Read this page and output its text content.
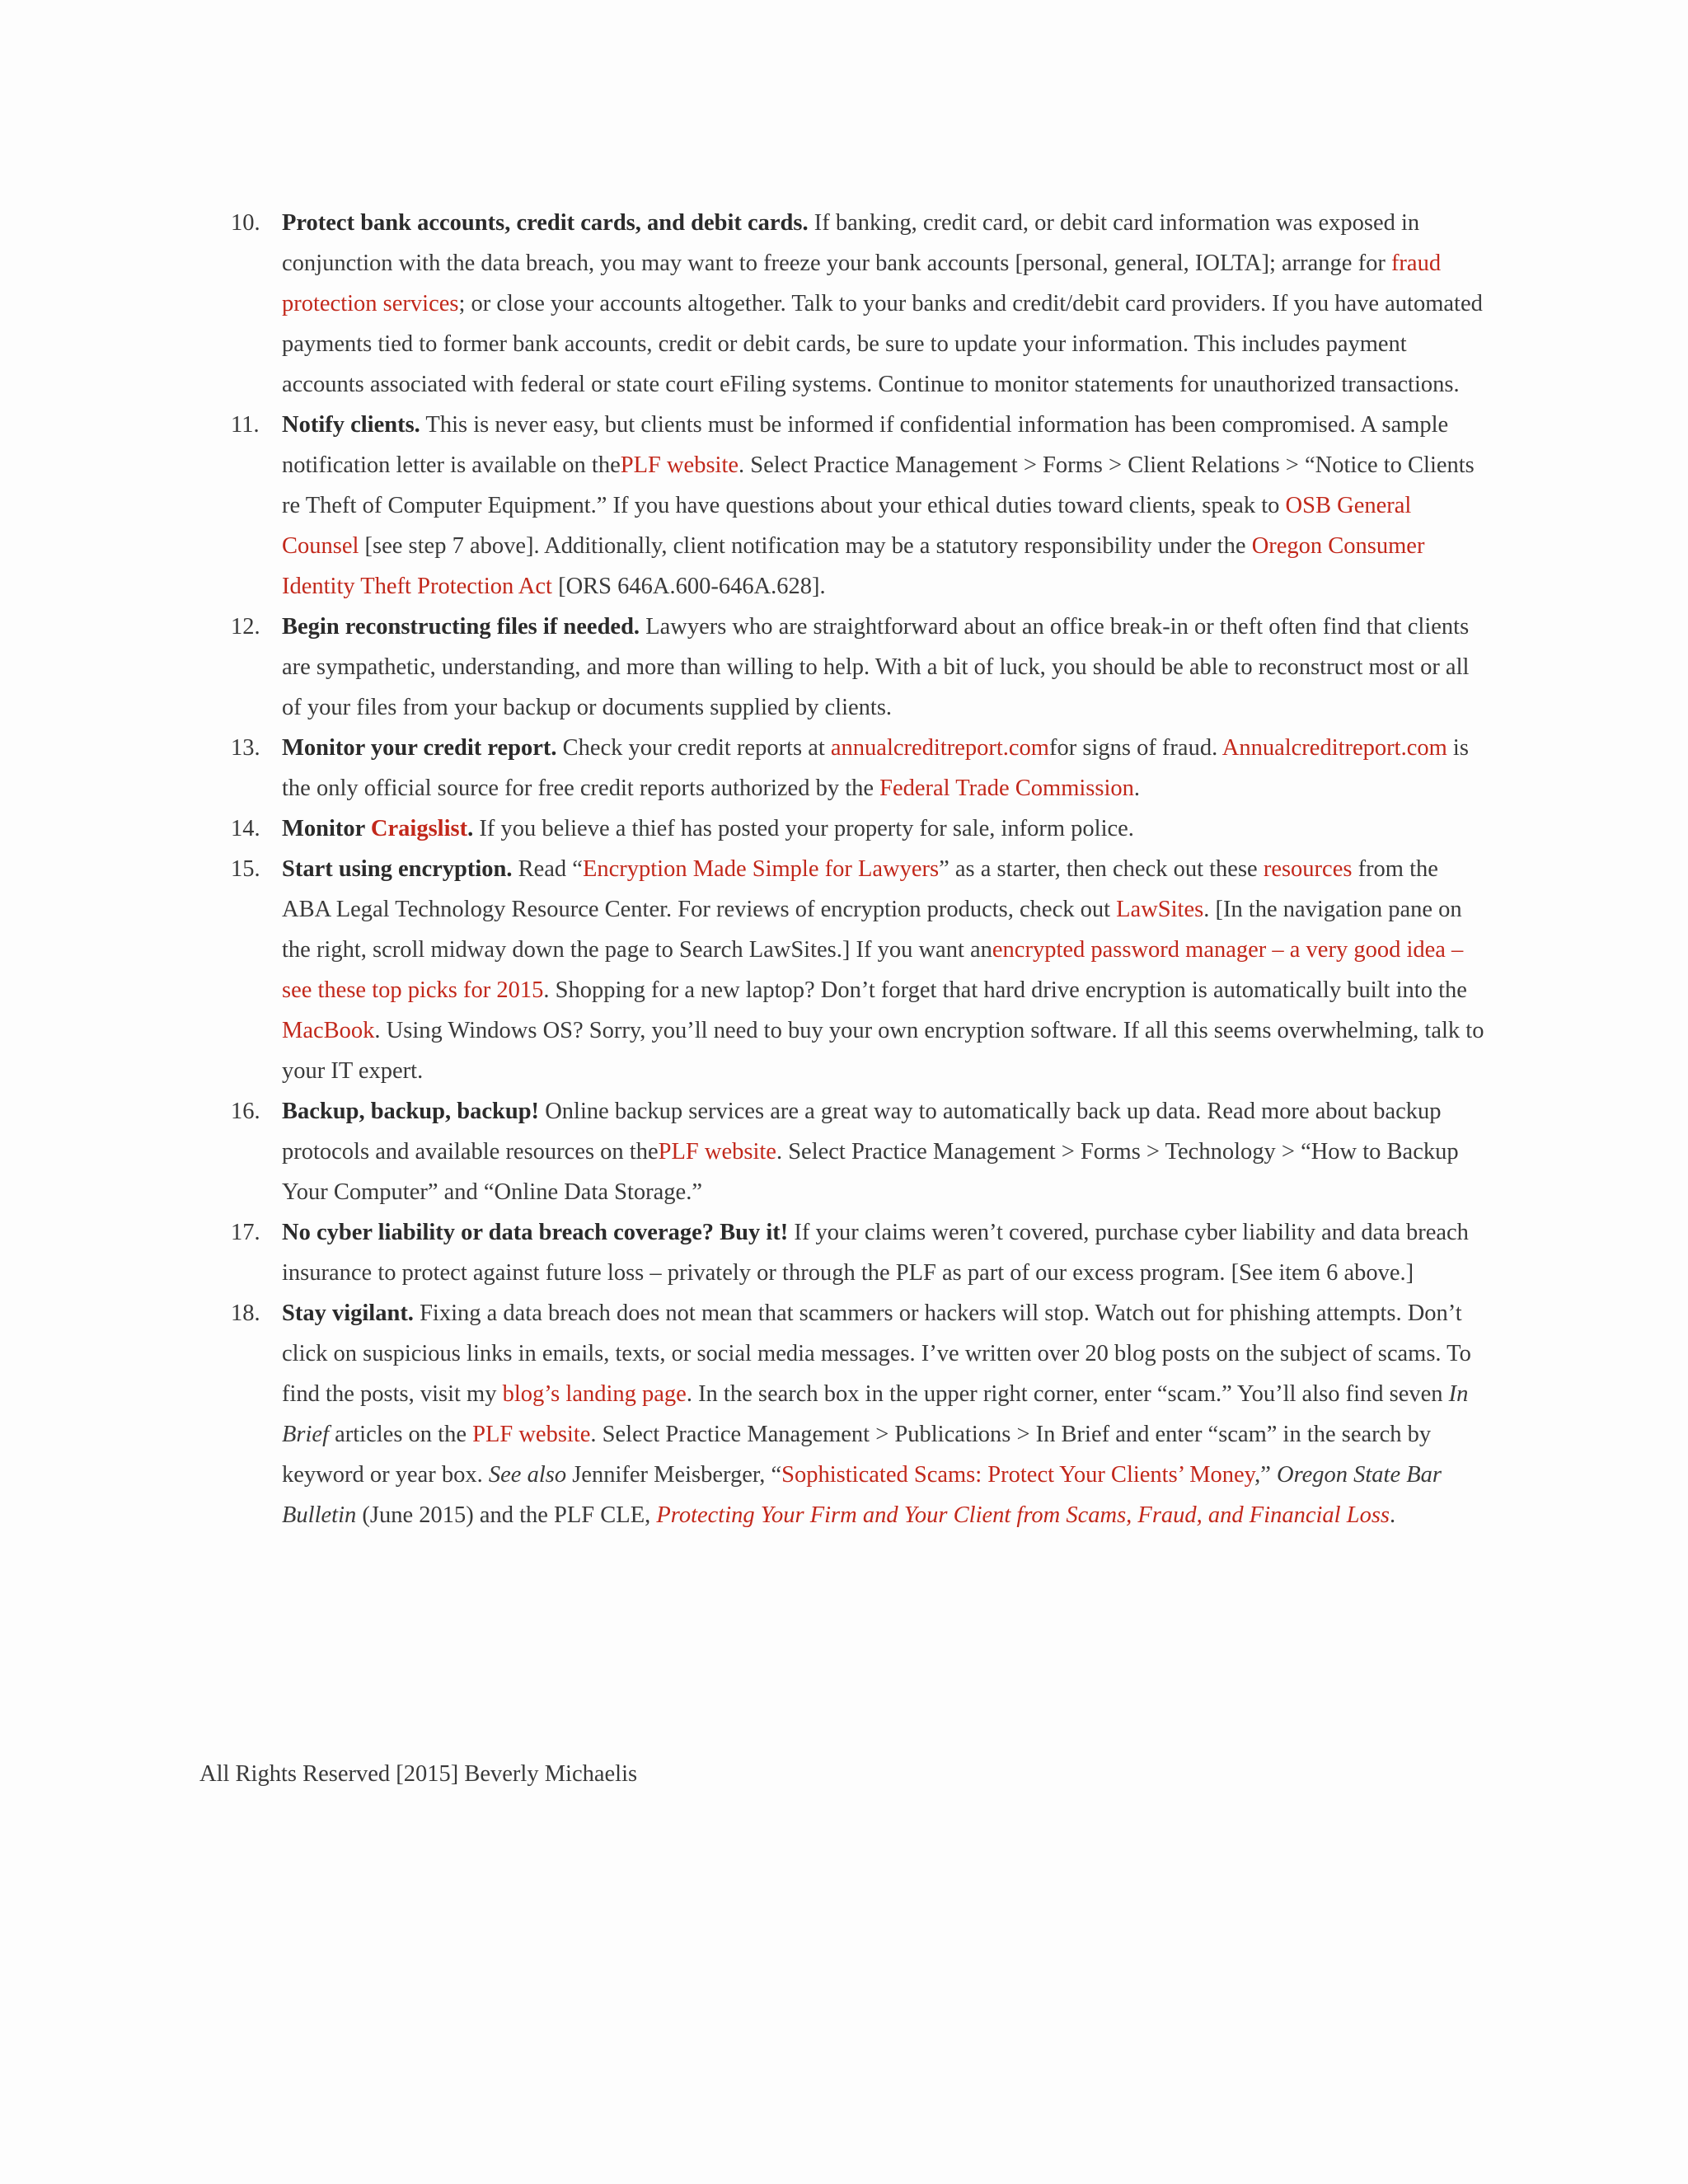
10. Protect bank accounts, credit cards, and debit cards. If banking, credit card, or debit card information was exposed in conjunction with the data breach, you may want to freeze your bank accounts [personal, general, IOLTA]; arrange for fraud protection services; or close your accounts altogether. Talk to your banks and credit/debit card providers. If you have automated payments tied to former bank accounts, credit or debit cards, be sure to update your information. This includes payment accounts associated with federal or state court eFiling systems. Continue to monitor statements for unauthorized transactions.
11. Notify clients. This is never easy, but clients must be informed if confidential information has been compromised. A sample notification letter is available on thePLF website. Select Practice Management > Forms > Client Relations > “Notice to Clients re Theft of Computer Equipment.” If you have questions about your ethical duties toward clients, speak to OSB General Counsel [see step 7 above]. Additionally, client notification may be a statutory responsibility under the Oregon Consumer Identity Theft Protection Act [ORS 646A.600-646A.628].
12. Begin reconstructing files if needed. Lawyers who are straightforward about an office break-in or theft often find that clients are sympathetic, understanding, and more than willing to help. With a bit of luck, you should be able to reconstruct most or all of your files from your backup or documents supplied by clients.
13. Monitor your credit report. Check your credit reports at annualcreditreport.comfor signs of fraud. Annualcreditreport.com is the only official source for free credit reports authorized by the Federal Trade Commission.
14. Monitor Craigslist. If you believe a thief has posted your property for sale, inform police.
15. Start using encryption. Read “Encryption Made Simple for Lawyers” as a starter, then check out these resources from the ABA Legal Technology Resource Center. For reviews of encryption products, check out LawSites. [In the navigation pane on the right, scroll midway down the page to Search LawSites.] If you want anencrypted password manager – a very good idea – see these top picks for 2015. Shopping for a new laptop? Don’t forget that hard drive encryption is automatically built into the MacBook. Using Windows OS? Sorry, you’ll need to buy your own encryption software. If all this seems overwhelming, talk to your IT expert.
16. Backup, backup, backup! Online backup services are a great way to automatically back up data. Read more about backup protocols and available resources on thePLF website. Select Practice Management > Forms > Technology > “How to Backup Your Computer” and “Online Data Storage.”
17. No cyber liability or data breach coverage? Buy it! If your claims weren’t covered, purchase cyber liability and data breach insurance to protect against future loss – privately or through the PLF as part of our excess program. [See item 6 above.]
18. Stay vigilant. Fixing a data breach does not mean that scammers or hackers will stop. Watch out for phishing attempts. Don’t click on suspicious links in emails, texts, or social media messages. I’ve written over 20 blog posts on the subject of scams. To find the posts, visit my blog’s landing page. In the search box in the upper right corner, enter “scam.” You’ll also find seven In Brief articles on the PLF website. Select Practice Management > Publications > In Brief and enter “scam” in the search by keyword or year box. See also Jennifer Meisberger, “Sophisticated Scams: Protect Your Clients’ Money,” Oregon State Bar Bulletin (June 2015) and the PLF CLE, Protecting Your Firm and Your Client from Scams, Fraud, and Financial Loss.
All Rights Reserved [2015] Beverly Michaelis
